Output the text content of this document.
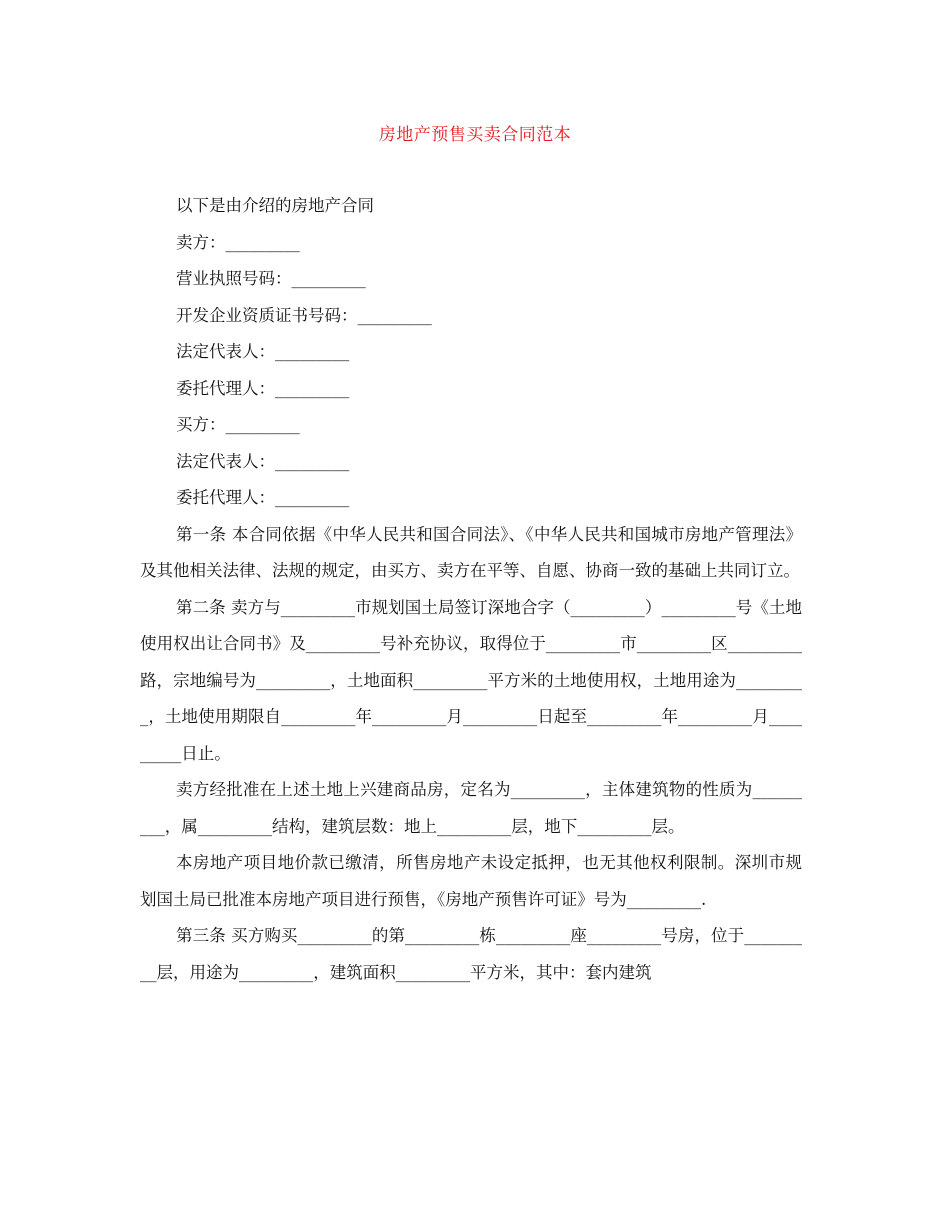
房地产预售买卖合同范本

以下是由介绍的房地产合同

卖方：_________

营业执照号码：_________

开发企业资质证书号码：_________

法定代表人：_________

委托代理人：_________

买方：_________

法定代表人：_________

委托代理人：_________

第一条 本合同依据《中华人民共和国合同法》、《中华人民共和国城市房地产管理法》及其他相关法律、法规的规定，由买方、卖方在平等、自愿、协商一致的基础上共同订立。

第二条 卖方与_________市规划国土局签订深地合字（_________）_________号《土地使用权出让合同书》及_________号补充协议，取得位于_________市_________区_________路，宗地编号为_________，土地面积_________平方米的土地使用权，土地用途为_________，土地使用期限自_________年_________月_________日起至_________年_________月_________日止。

卖方经批准在上述土地上兴建商品房，定名为_________，主体建筑物的性质为_________，属_________结构，建筑层数：地上_________层，地下_________层。

本房地产项目地价款已缴清，所售房地产未设定抵押，也无其他权利限制。深圳市规划国土局已批准本房地产项目进行预售，《房地产预售许可证》号为_________.

第三条 买方购买_________的第_________栋_________座_________号房，位于_________层，用途为_________，建筑面积_________平方米，其中：套内建筑
